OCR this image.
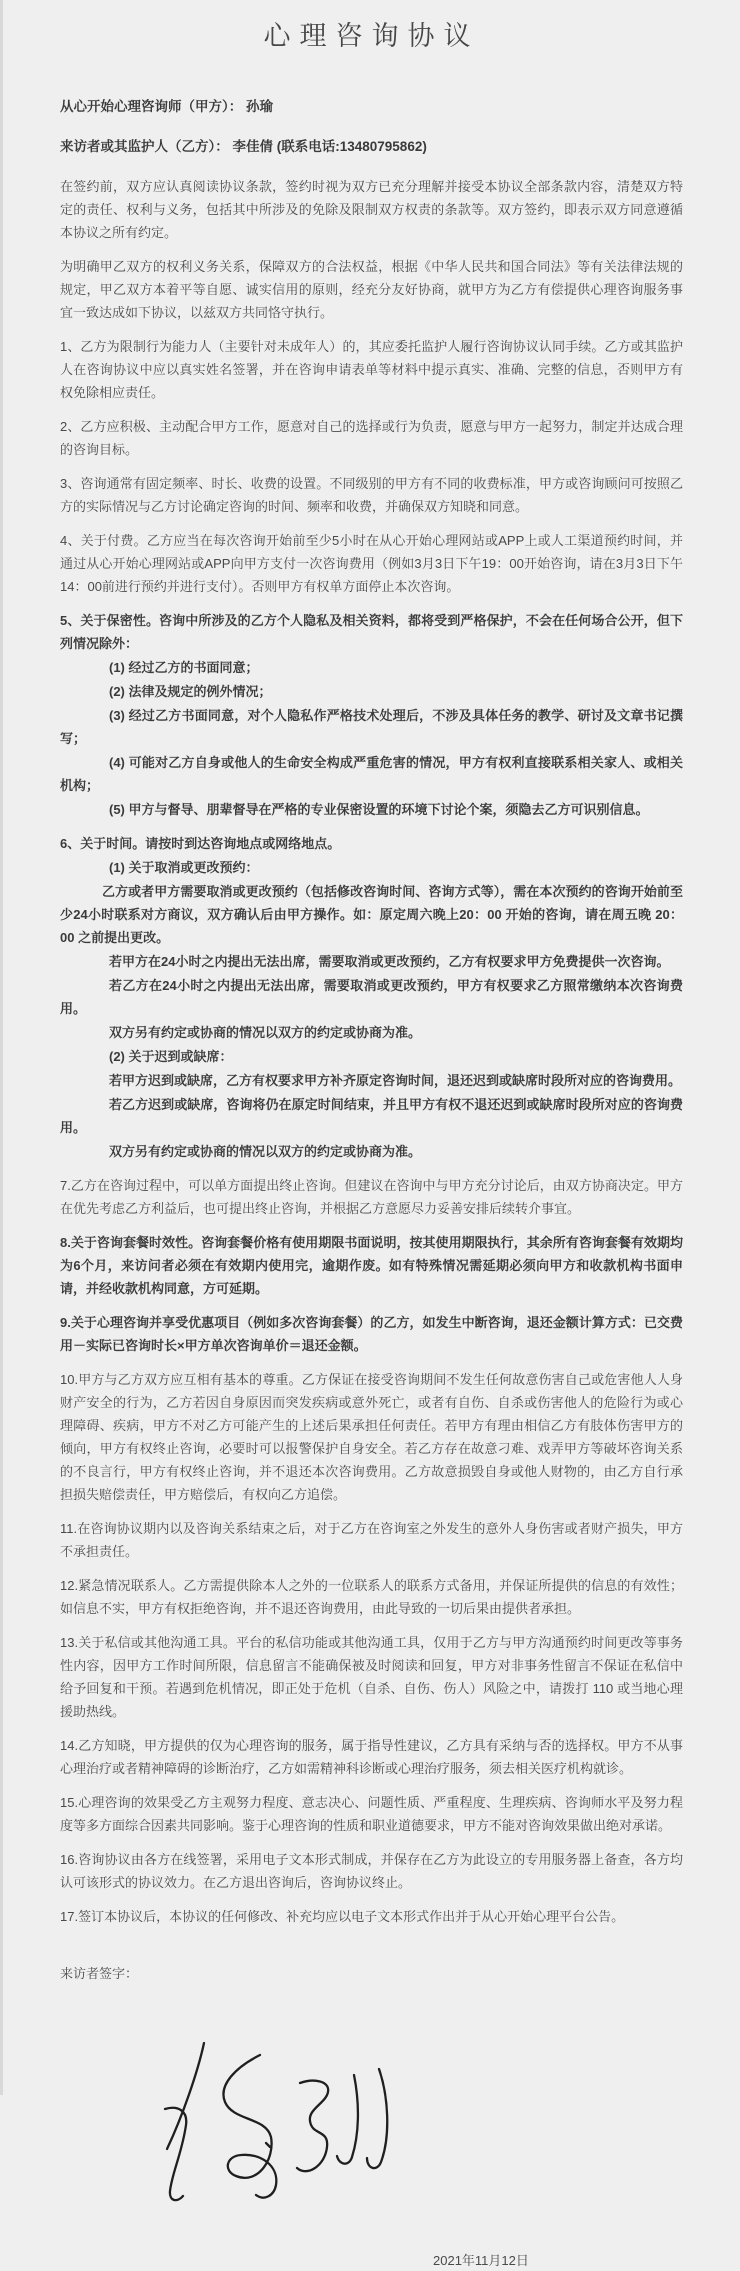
心理咨询协议

从心开始心理咨询师（甲方）： 孙瑜

来访者或其监护人（乙方）： 李佳倩 (联系电话:13480795862)

在签约前，双方应认真阅读协议条款，签约时视为双方已充分理解并接受本协议全部条款内容，清楚双方特定的责任、权利与义务，包括其中所涉及的免除及限制双方权责的条款等。双方签约，即表示双方同意遵循本协议之所有约定。

为明确甲乙双方的权利义务关系，保障双方的合法权益，根据《中华人民共和国合同法》等有关法律法规的规定，甲乙双方本着平等自愿、诚实信用的原则，经充分友好协商，就甲方为乙方有偿提供心理咨询服务事宜一致达成如下协议，以兹双方共同恪守执行。

1、乙方为限制行为能力人（主要针对未成年人）的，其应委托监护人履行咨询协议认同手续。乙方或其监护人在咨询协议中应以真实姓名签署，并在咨询申请表单等材料中提示真实、准确、完整的信息，否则甲方有权免除相应责任。

2、乙方应积极、主动配合甲方工作，愿意对自己的选择或行为负责，愿意与甲方一起努力，制定并达成合理的咨询目标。

3、咨询通常有固定频率、时长、收费的设置。不同级别的甲方有不同的收费标准，甲方或咨询顾问可按照乙方的实际情况与乙方讨论确定咨询的时间、频率和收费，并确保双方知晓和同意。

4、关于付费。乙方应当在每次咨询开始前至少5小时在从心开始心理网站或APP上或人工渠道预约时间，并通过从心开始心理网站或APP向甲方支付一次咨询费用（例如3月3日下午19：00开始咨询，请在3月3日下午14：00前进行预约并进行支付）。否则甲方有权单方面停止本次咨询。

5、关于保密性。咨询中所涉及的乙方个人隐私及相关资料，都将受到严格保护，不会在任何场合公开，但下列情况除外：

(1) 经过乙方的书面同意；

(2) 法律及规定的例外情况；

(3) 经过乙方书面同意，对个人隐私作严格技术处理后，不涉及具体任务的教学、研讨及文章书记撰写；

(4) 可能对乙方自身或他人的生命安全构成严重危害的情况，甲方有权利直接联系相关家人、或相关机构；

(5) 甲方与督导、朋辈督导在严格的专业保密设置的环境下讨论个案，须隐去乙方可识别信息。

6、关于时间。请按时到达咨询地点或网络地点。

(1) 关于取消或更改预约：

乙方或者甲方需要取消或更改预约（包括修改咨询时间、咨询方式等），需在本次预约的咨询开始前至少24小时联系对方商议，双方确认后由甲方操作。如：原定周六晚上20：00 开始的咨询，请在周五晚 20：00 之前提出更改。

若甲方在24小时之内提出无法出席，需要取消或更改预约，乙方有权要求甲方免费提供一次咨询。

若乙方在24小时之内提出无法出席，需要取消或更改预约，甲方有权要求乙方照常缴纳本次咨询费用。

双方另有约定或协商的情况以双方的约定或协商为准。

(2) 关于迟到或缺席：

若甲方迟到或缺席，乙方有权要求甲方补齐原定咨询时间，退还迟到或缺席时段所对应的咨询费用。

若乙方迟到或缺席，咨询将仍在原定时间结束，并且甲方有权不退还迟到或缺席时段所对应的咨询费用。

双方另有约定或协商的情况以双方的约定或协商为准。

7.乙方在咨询过程中，可以单方面提出终止咨询。但建议在咨询中与甲方充分讨论后，由双方协商决定。甲方在优先考虑乙方利益后，也可提出终止咨询，并根据乙方意愿尽力妥善安排后续转介事宜。

8.关于咨询套餐时效性。咨询套餐价格有使用期限书面说明，按其使用期限执行，其余所有咨询套餐有效期均为6个月，来访问者必须在有效期内使用完，逾期作废。如有特殊情况需延期必须向甲方和收款机构书面申请，并经收款机构同意，方可延期。

9.关于心理咨询并享受优惠项目（例如多次咨询套餐）的乙方，如发生中断咨询，退还金额计算方式：已交费用－实际已咨询时长×甲方单次咨询单价＝退还金额。

10.甲方与乙方双方应互相有基本的尊重。乙方保证在接受咨询期间不发生任何故意伤害自己或危害他人人身财产安全的行为，乙方若因自身原因而突发疾病或意外死亡，或者有自伤、自杀或伤害他人的危险行为或心理障碍、疾病，甲方不对乙方可能产生的上述后果承担任何责任。若甲方有理由相信乙方有肢体伤害甲方的倾向，甲方有权终止咨询，必要时可以报警保护自身安全。若乙方存在故意刁难、戏弄甲方等破坏咨询关系的不良言行，甲方有权终止咨询，并不退还本次咨询费用。乙方故意损毁自身或他人财物的，由乙方自行承担损失赔偿责任，甲方赔偿后，有权向乙方追偿。

11.在咨询协议期内以及咨询关系结束之后，对于乙方在咨询室之外发生的意外人身伤害或者财产损失，甲方不承担责任。

12.紧急情况联系人。乙方需提供除本人之外的一位联系人的联系方式备用，并保证所提供的信息的有效性；如信息不实，甲方有权拒绝咨询，并不退还咨询费用，由此导致的一切后果由提供者承担。

13.关于私信或其他沟通工具。平台的私信功能或其他沟通工具，仅用于乙方与甲方沟通预约时间更改等事务性内容，因甲方工作时间所限，信息留言不能确保被及时阅读和回复，甲方对非事务性留言不保证在私信中给予回复和干预。若遇到危机情况，即正处于危机（自杀、自伤、伤人）风险之中，请拨打 110 或当地心理援助热线。

14.乙方知晓，甲方提供的仅为心理咨询的服务，属于指导性建议，乙方具有采纳与否的选择权。甲方不从事心理治疗或者精神障碍的诊断治疗，乙方如需精神科诊断或心理治疗服务，须去相关医疗机构就诊。

15.心理咨询的效果受乙方主观努力程度、意志决心、问题性质、严重程度、生理疾病、咨询师水平及努力程度等多方面综合因素共同影响。鉴于心理咨询的性质和职业道德要求，甲方不能对咨询效果做出绝对承诺。

16.咨询协议由各方在线签署，采用电子文本形式制成，并保存在乙方为此设立的专用服务器上备查，各方均认可该形式的协议效力。在乙方退出咨询后，咨询协议终止。

17.签订本协议后，本协议的任何修改、补充均应以电子文本形式作出并于从心开始心理平台公告。

来访者签字：

2021年11月12日
